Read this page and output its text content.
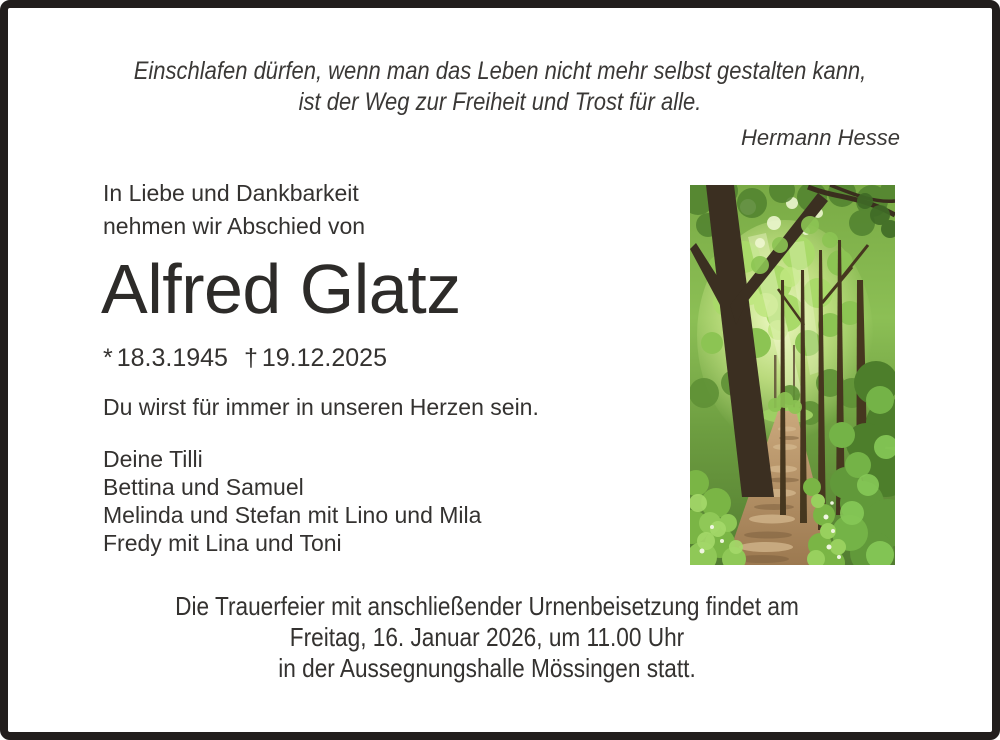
Einschlafen dürfen, wenn man das Leben nicht mehr selbst gestalten kann,
ist der Weg zur Freiheit und Trost für alle.
Hermann Hesse
In Liebe und Dankbarkeit
nehmen wir Abschied von
Alfred Glatz
* 18.3.1945 † 19.12.2025
Du wirst für immer in unseren Herzen sein.
Deine Tilli
Bettina und Samuel
Melinda und Stefan mit Lino und Mila
Fredy mit Lina und Toni
Die Trauerfeier mit anschließender Urnenbeisetzung findet am
Freitag, 16. Januar 2026, um 11.00 Uhr
in der Aussegnungshalle Mössingen statt.
